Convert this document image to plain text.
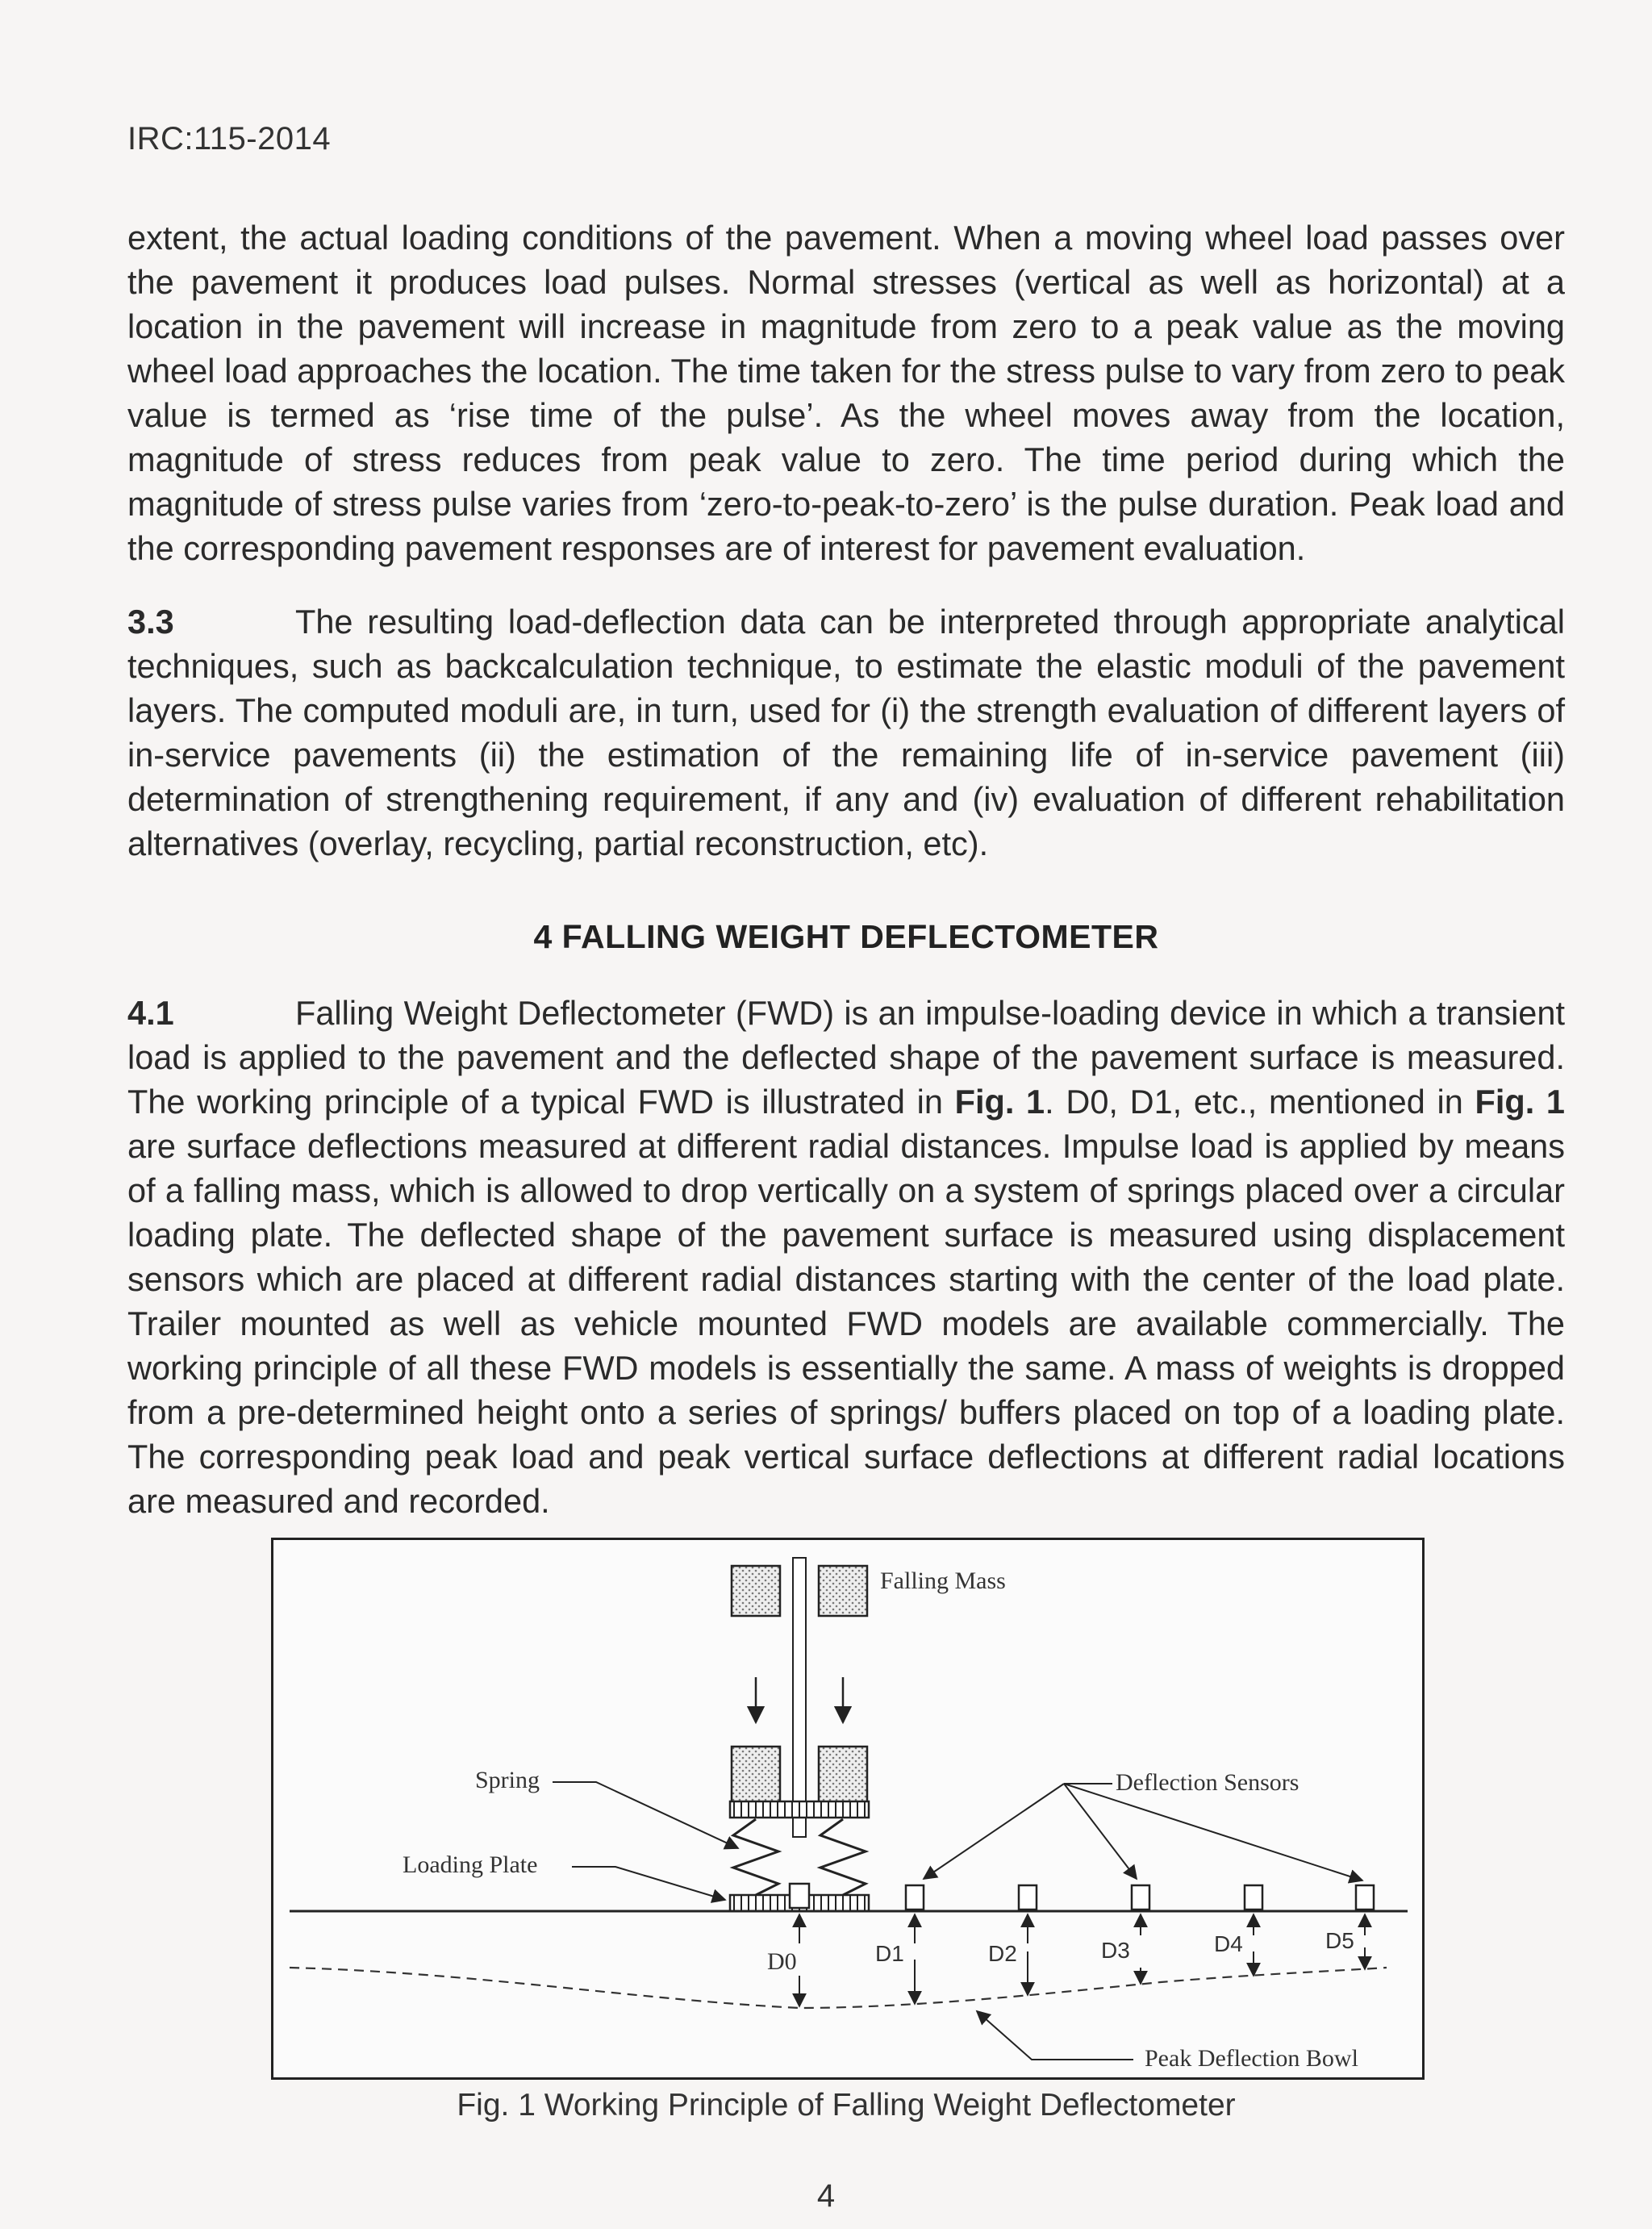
IRC:115-2014

extent, the actual loading conditions of the pavement. When a moving wheel load passes over the pavement it produces load pulses. Normal stresses (vertical as well as horizontal) at a location in the pavement will increase in magnitude from zero to a peak value as the moving wheel load approaches the location. The time taken for the stress pulse to vary from zero to peak value is termed as ‘rise time of the pulse’. As the wheel moves away from the location, magnitude of stress reduces from peak value to zero. The time period during which the magnitude of stress pulse varies from ‘zero-to-peak-to-zero’ is the pulse duration. Peak load and the corresponding pavement responses are of interest for pavement evaluation.

3.3	The resulting load-deflection data can be interpreted through appropriate analytical techniques, such as backcalculation technique, to estimate the elastic moduli of the pavement layers. The computed moduli are, in turn, used for (i) the strength evaluation of different layers of in-service pavements (ii) the estimation of the remaining life of in-service pavement (iii) determination of strengthening requirement, if any and (iv) evaluation of different rehabilitation alternatives (overlay, recycling, partial reconstruction, etc).

4 FALLING WEIGHT DEFLECTOMETER

4.1	Falling Weight Deflectometer (FWD) is an impulse-loading device in which a transient load is applied to the pavement and the deflected shape of the pavement surface is measured. The working principle of a typical FWD is illustrated in Fig. 1. D0, D1, etc., mentioned in Fig. 1 are surface deflections measured at different radial distances. Impulse load is applied by means of a falling mass, which is allowed to drop vertically on a system of springs placed over a circular loading plate. The deflected shape of the pavement surface is measured using displacement sensors which are placed at different radial distances starting with the center of the load plate. Trailer mounted as well as vehicle mounted FWD models are available commercially. The working principle of all these FWD models is essentially the same. A mass of weights is dropped from a pre-determined height onto a series of springs/ buffers placed on top of a loading plate. The corresponding peak load and peak vertical surface deflections at different radial locations are measured and recorded.

Falling Mass
D0	D1	D2	D3	D4	D5
Spring
Loading Plate
Deflection Sensors
Peak Deflection Bowl
Fig. 1 Working Principle of Falling Weight Deflectometer
4
